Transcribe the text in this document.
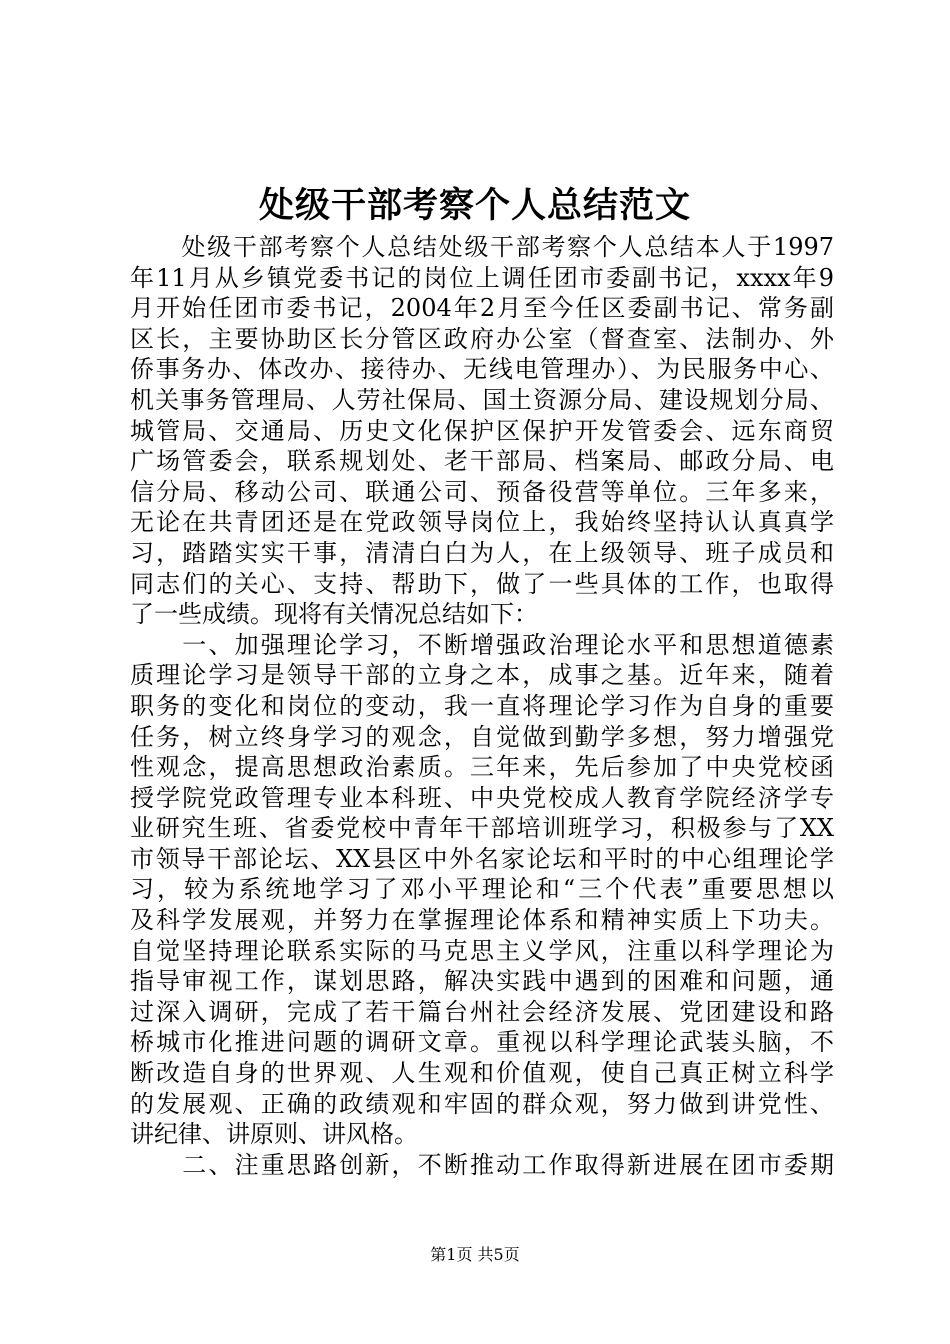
处级干部考察个人总结范文
　　处级干部考察个人总结处级干部考察个人总结本人于1997
年11月从乡镇党委书记的岗位上调任团市委副书记，xxxx年9
月开始任团市委书记，2004年2月至今任区委副书记、常务副
区长，主要协助区长分管区政府办公室（督查室、法制办、外
侨事务办、体改办、接待办、无线电管理办）、为民服务中心、
机关事务管理局、人劳社保局、国土资源分局、建设规划分局、
城管局、交通局、历史文化保护区保护开发管委会、远东商贸
广场管委会，联系规划处、老干部局、档案局、邮政分局、电
信分局、移动公司、联通公司、预备役营等单位。三年多来，
无论在共青团还是在党政领导岗位上，我始终坚持认认真真学
习，踏踏实实干事，清清白白为人，在上级领导、班子成员和
同志们的关心、支持、帮助下，做了一些具体的工作，也取得
了一些成绩。现将有关情况总结如下：
　　一、加强理论学习，不断增强政治理论水平和思想道德素
质理论学习是领导干部的立身之本，成事之基。近年来，随着
职务的变化和岗位的变动，我一直将理论学习作为自身的重要
任务，树立终身学习的观念，自觉做到勤学多想，努力增强党
性观念，提高思想政治素质。三年来，先后参加了中央党校函
授学院党政管理专业本科班、中央党校成人教育学院经济学专
业研究生班、省委党校中青年干部培训班学习，积极参与了XX
市领导干部论坛、XX县区中外名家论坛和平时的中心组理论学
习，较为系统地学习了邓小平理论和“三个代表”重要思想以
及科学发展观，并努力在掌握理论体系和精神实质上下功夫。
自觉坚持理论联系实际的马克思主义学风，注重以科学理论为
指导审视工作，谋划思路，解决实践中遇到的困难和问题，通
过深入调研，完成了若干篇台州社会经济发展、党团建设和路
桥城市化推进问题的调研文章。重视以科学理论武装头脑，不
断改造自身的世界观、人生观和价值观，使自己真正树立科学
的发展观、正确的政绩观和牢固的群众观，努力做到讲党性、
讲纪律、讲原则、讲风格。
　　二、注重思路创新，不断推动工作取得新进展在团市委期
第1页 共5页
